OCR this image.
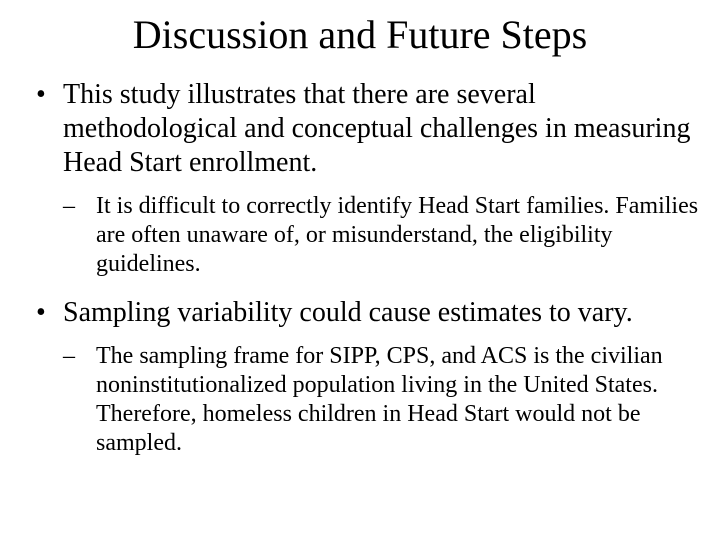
Discussion and Future Steps
• This study illustrates that there are several methodological and conceptual challenges in measuring Head Start enrollment.
– It is difficult to correctly identify Head Start families. Families are often unaware of, or misunderstand, the eligibility guidelines.
• Sampling variability could cause estimates to vary.
– The sampling frame for SIPP, CPS, and ACS is the civilian noninstitutionalized population living in the United States. Therefore, homeless children in Head Start would not be sampled.
